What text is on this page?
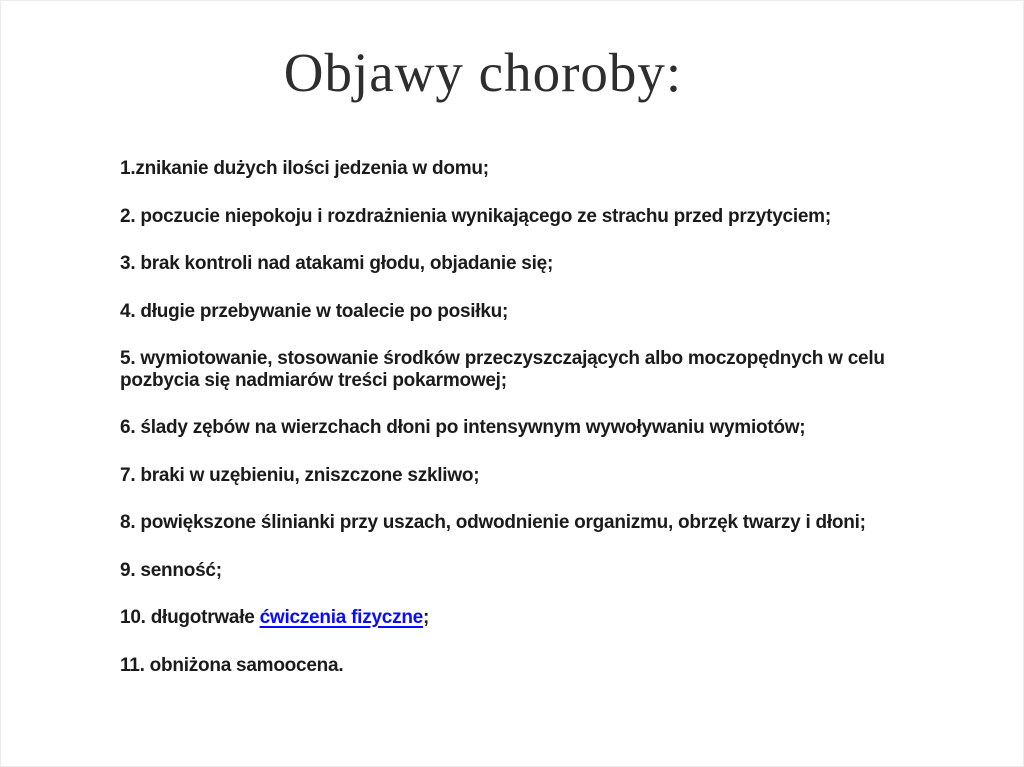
Objawy choroby:

1.znikanie dużych ilości jedzenia w domu;

2. poczucie niepokoju i rozdrażnienia wynikającego ze strachu przed przytyciem;

3. brak kontroli nad atakami głodu, objadanie się;

4. długie przebywanie w toalecie po posiłku;

5. wymiotowanie, stosowanie środków przeczyszczających albo moczopędnych w celu pozbycia się nadmiarów treści pokarmowej;

6. ślady zębów na wierzchach dłoni po intensywnym wywoływaniu wymiotów;

7. braki w uzębieniu, zniszczone szkliwo;

8. powiększone ślinianki przy uszach, odwodnienie organizmu, obrzęk twarzy i dłoni;

9. senność;

10. długotrwałe ćwiczenia fizyczne;

11. obniżona samoocena.
